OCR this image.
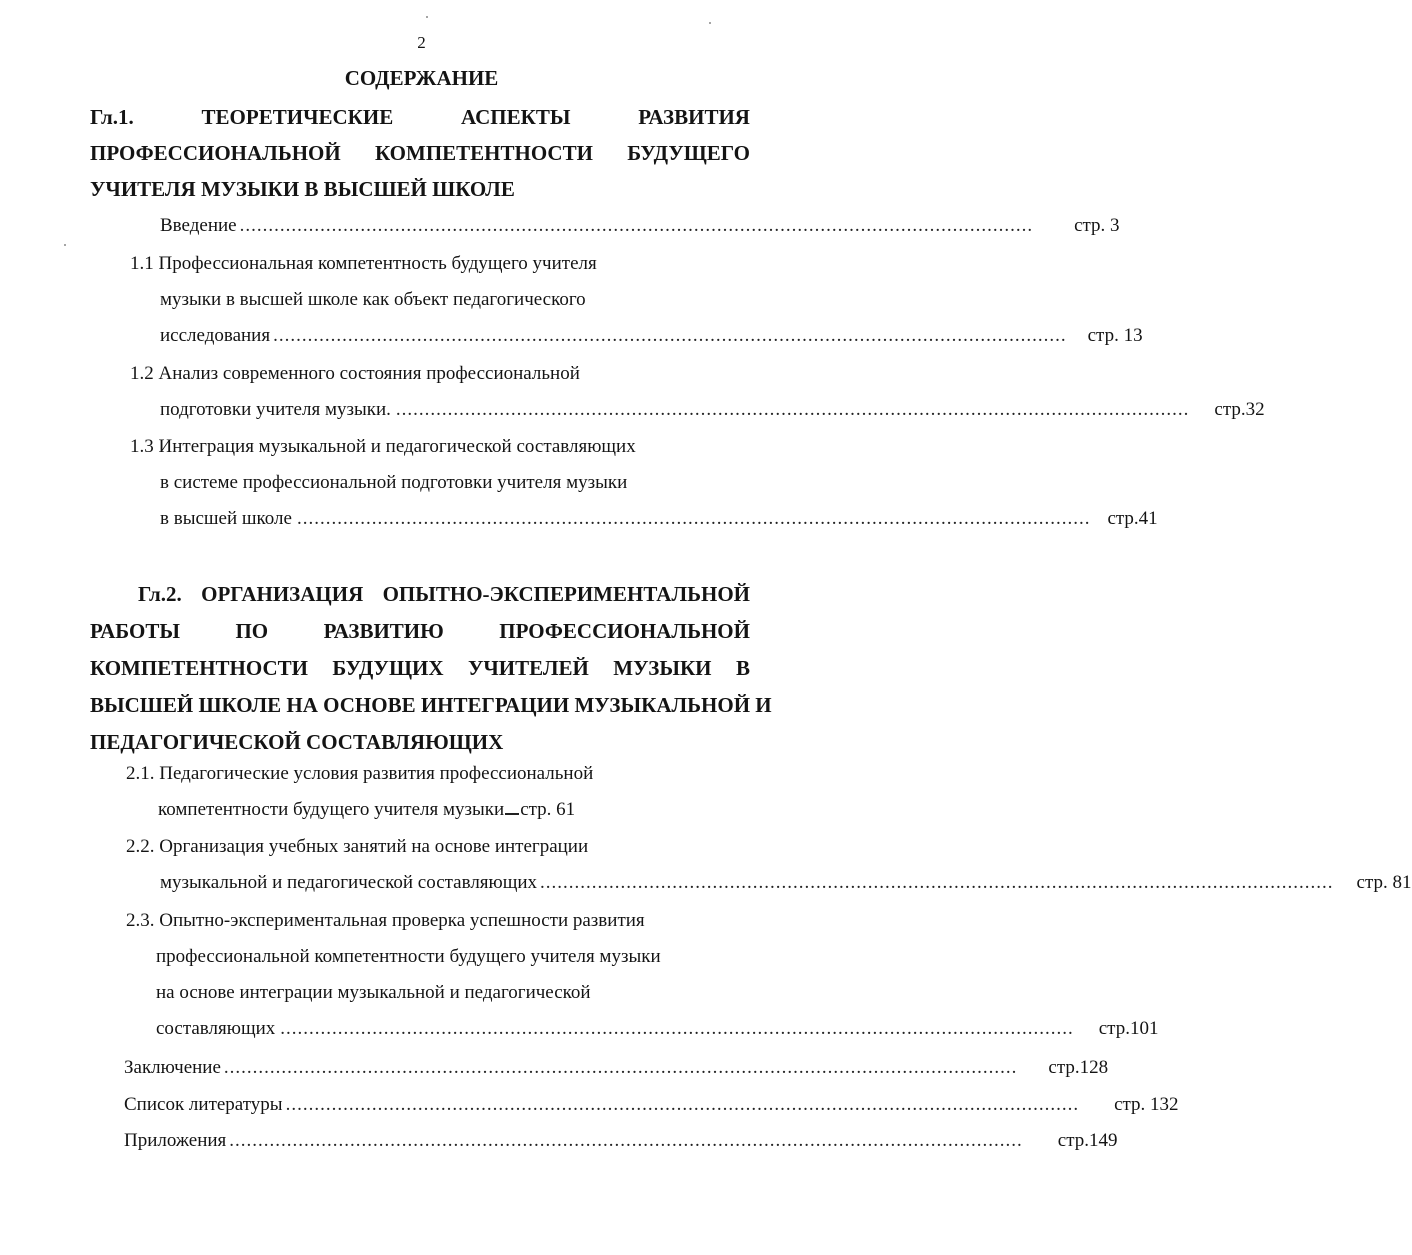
2
СОДЕРЖАНИЕ
Гл.1.	ТЕОРЕТИЧЕСКИЕ	АСПЕКТЫ	РАЗВИТИЯ
ПРОФЕССИОНАЛЬНОЙ КОМПЕТЕНТНОСТИ БУДУЩЕГО
УЧИТЕЛЯ МУЗЫКИ В ВЫСШЕЙ ШКОЛЕ
Введение .......................................................................................................................................... стр. 3
1.1 Профессиональная компетентность будущего учителя
музыки в высшей школе как объект педагогического
исследования .......................................................................................................................................... стр. 13
1.2 Анализ современного состояния профессиональной
подготовки учителя музыки. .......................................................................................................................................... стр.32
1.3 Интеграция музыкальной и педагогической составляющих
в системе профессиональной подготовки учителя музыки
в высшей школе .......................................................................................................................................... стр.41
Гл.2. ОРГАНИЗАЦИЯ ОПЫТНО-ЭКСПЕРИМЕНТАЛЬНОЙ
РАБОТЫ	ПО	РАЗВИТИЮ	ПРОФЕССИОНАЛЬНОЙ
КОМПЕТЕНТНОСТИ БУДУЩИХ УЧИТЕЛЕЙ МУЗЫКИ В
ВЫСШЕЙ ШКОЛЕ НА ОСНОВЕ ИНТЕГРАЦИИ МУЗЫКАЛЬНОЙ И
ПЕДАГОГИЧЕСКОЙ СОСТАВЛЯЮЩИХ
2.1. Педагогические условия развития профессиональной
компетентности будущего учителя музыки стр. 61
2.2. Организация учебных занятий на основе интеграции
музыкальной и педагогической составляющих .......................................................................................................................................... стр. 81
2.3. Опытно-экспериментальная проверка успешности развития
профессиональной компетентности будущего учителя музыки
на основе интеграции музыкальной и педагогической
составляющих .......................................................................................................................................... стр.101
Заключение .......................................................................................................................................... стр.128
Список литературы .......................................................................................................................................... стр. 132
Приложения .......................................................................................................................................... стр.149
